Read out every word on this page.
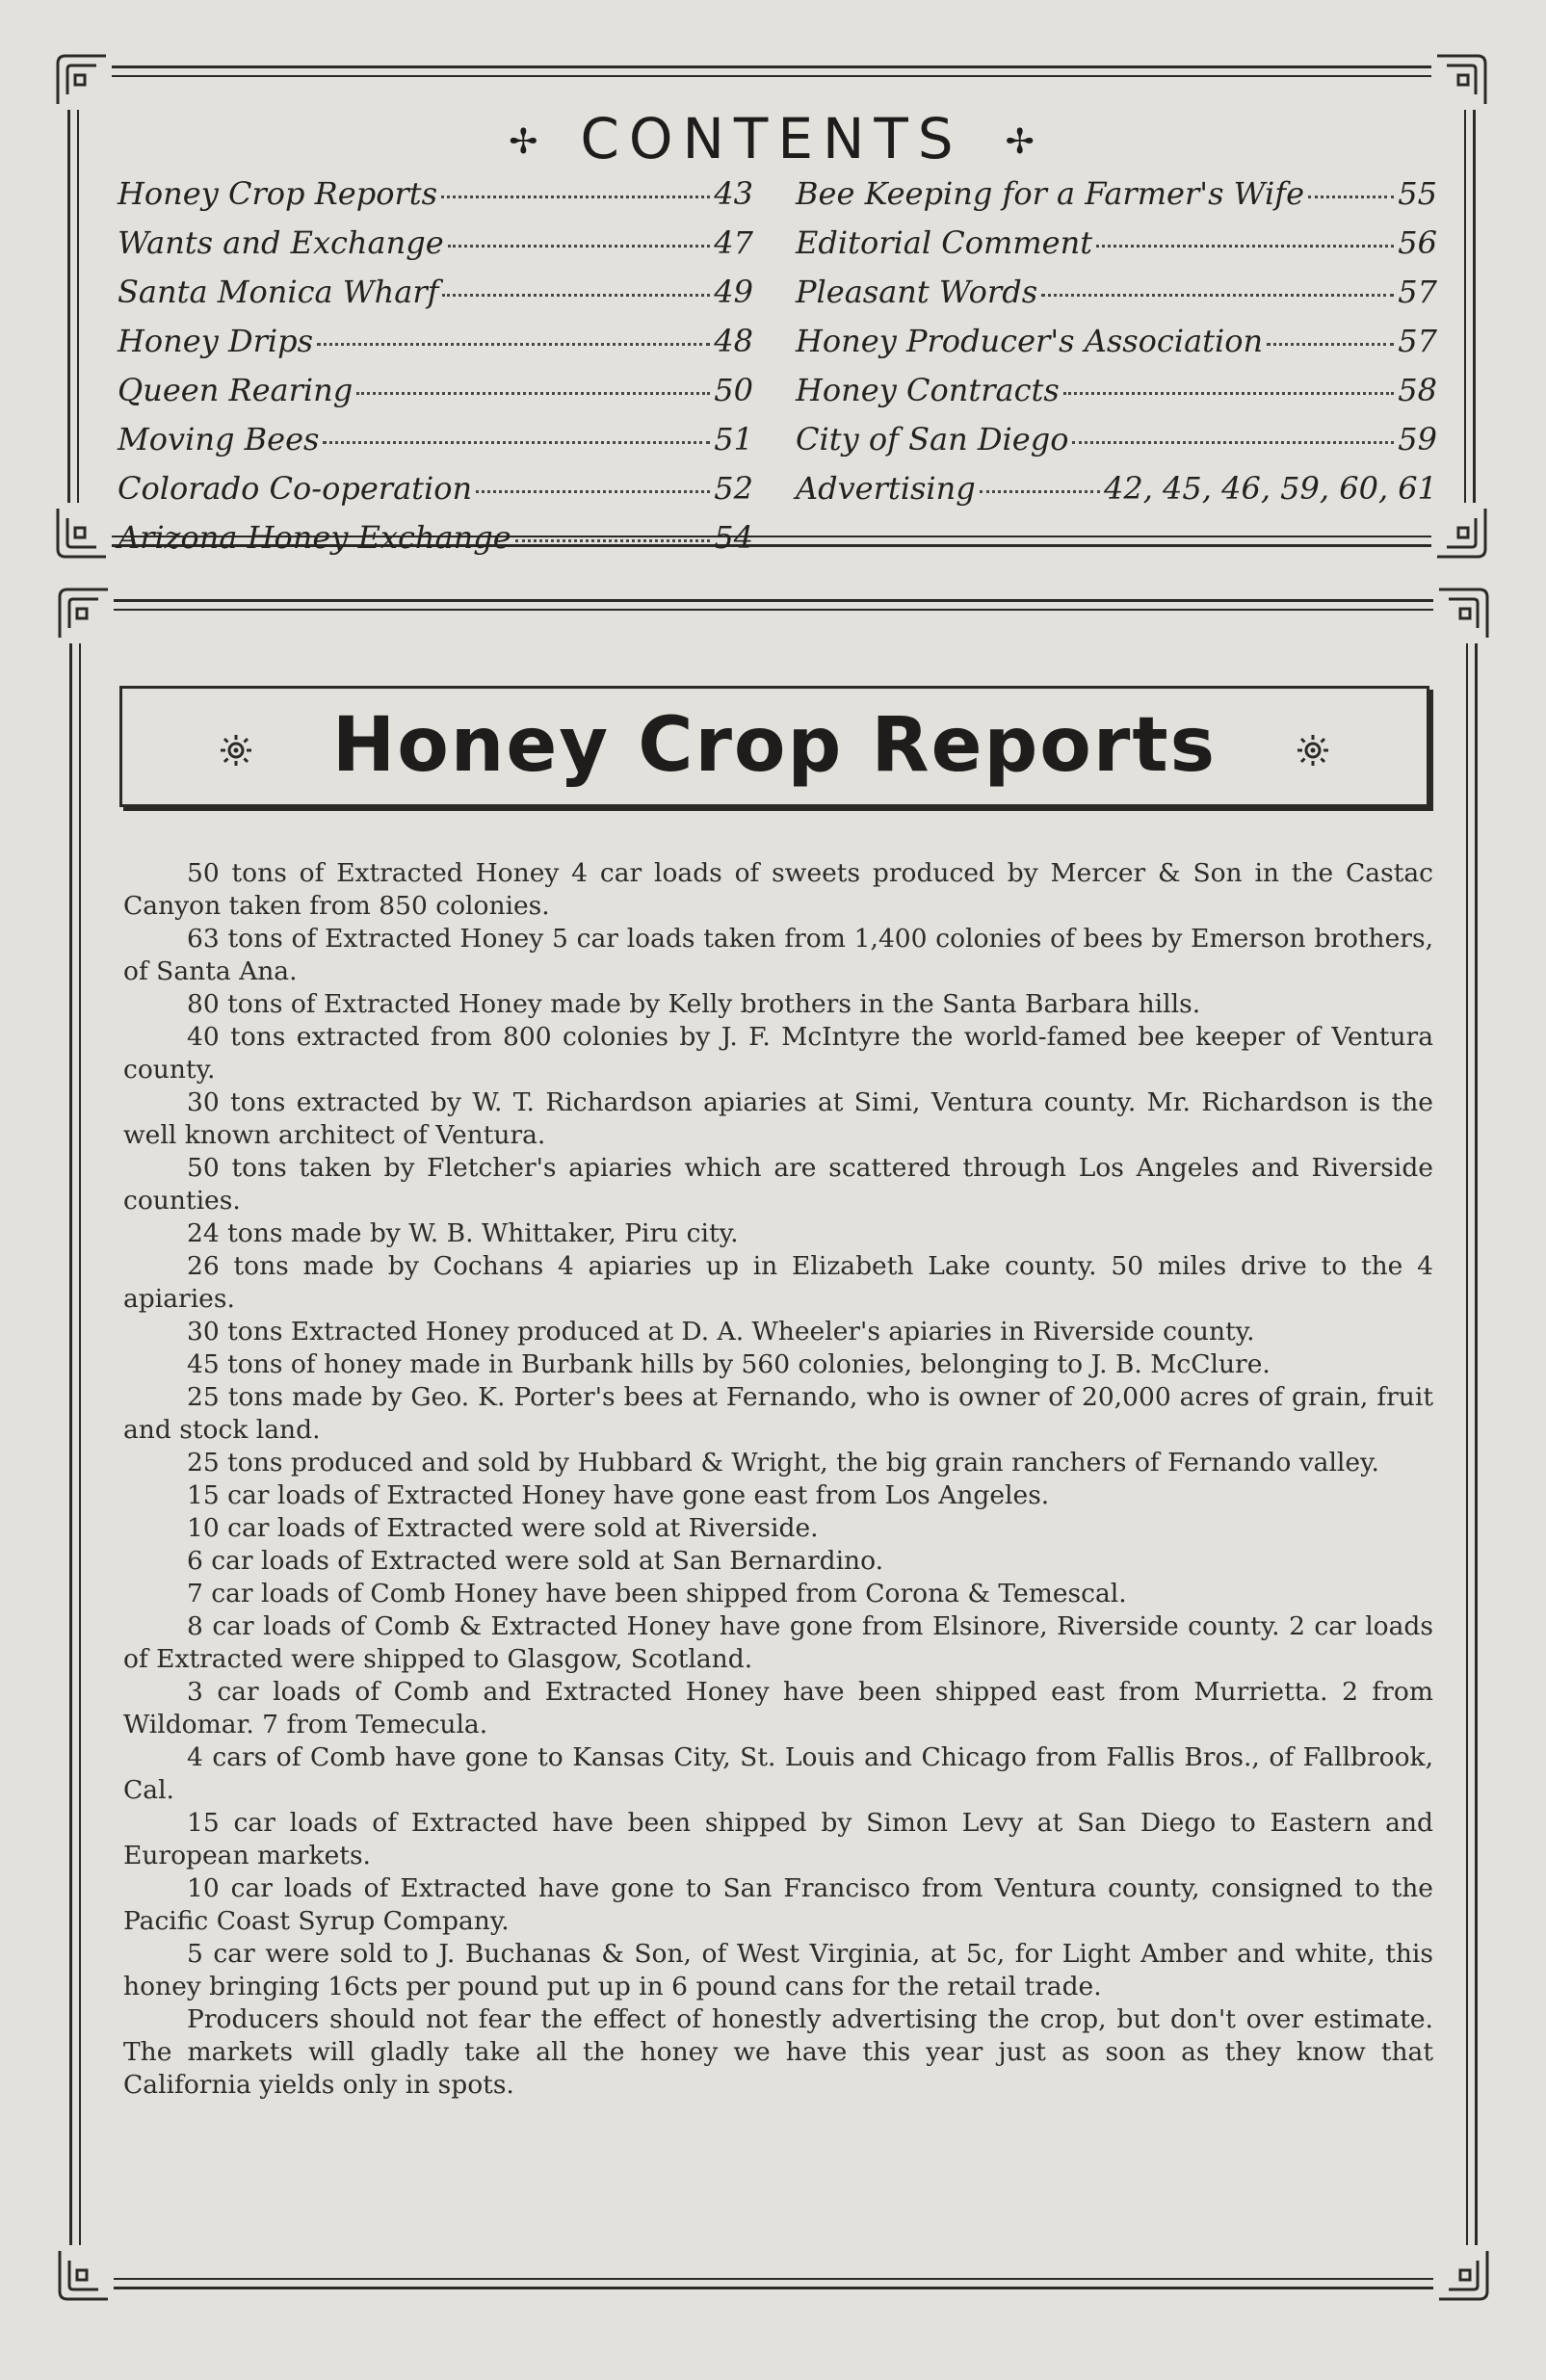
✢ CONTENTS ✢
Honey Crop Reports	43
Wants and Exchange	47
Santa Monica Wharf	49
Honey Drips	48
Queen Rearing	50
Moving Bees	51
Colorado Co-operation	52
Arizona Honey Exchange	54
Bee Keeping for a Farmer's Wife	55
Editorial Comment	56
Pleasant Words	57
Honey Producer's Association	57
Honey Contracts	58
City of San Diego	59
Advertising	42, 45, 46, 59, 60, 61
Honey Crop Reports

50 tons of Extracted Honey 4 car loads of sweets produced by Mercer & Son in the Castac Canyon taken from 850 colonies.

63 tons of Extracted Honey 5 car loads taken from 1,400 colonies of bees by Emerson brothers, of Santa Ana.

80 tons of Extracted Honey made by Kelly brothers in the Santa Barbara hills.

40 tons extracted from 800 colonies by J. F. McIntyre the world-famed bee keeper of Ventura county.

30 tons extracted by W. T. Richardson apiaries at Simi, Ventura county. Mr. Richardson is the well known architect of Ventura.

50 tons taken by Fletcher's apiaries which are scattered through Los Angeles and Riverside counties.

24 tons made by W. B. Whittaker, Piru city.

26 tons made by Cochans 4 apiaries up in Elizabeth Lake county. 50 miles drive to the 4 apiaries.

30 tons Extracted Honey produced at D. A. Wheeler's apiaries in Riverside county.

45 tons of honey made in Burbank hills by 560 colonies, belonging to J. B. McClure.

25 tons made by Geo. K. Porter's bees at Fernando, who is owner of 20,000 acres of grain, fruit and stock land.

25 tons produced and sold by Hubbard & Wright, the big grain ranchers of Fernando valley.

15 car loads of Extracted Honey have gone east from Los Angeles.

10 car loads of Extracted were sold at Riverside.

6 car loads of Extracted were sold at San Bernardino.

7 car loads of Comb Honey have been shipped from Corona & Temescal.

8 car loads of Comb & Extracted Honey have gone from Elsinore, Riverside county. 2 car loads of Extracted were shipped to Glasgow, Scotland.

3 car loads of Comb and Extracted Honey have been shipped east from Murrietta. 2 from Wildomar. 7 from Temecula.

4 cars of Comb have gone to Kansas City, St. Louis and Chicago from Fallis Bros., of Fallbrook, Cal.

15 car loads of Extracted have been shipped by Simon Levy at San Diego to Eastern and European markets.

10 car loads of Extracted have gone to San Francisco from Ventura county, consigned to the Pacific Coast Syrup Company.

5 car were sold to J. Buchanas & Son, of West Virginia, at 5c, for Light Amber and white, this honey bringing 16cts per pound put up in 6 pound cans for the retail trade.

Producers should not fear the effect of honestly advertising the crop, but don't over estimate. The markets will gladly take all the honey we have this year just as soon as they know that California yields only in spots.
